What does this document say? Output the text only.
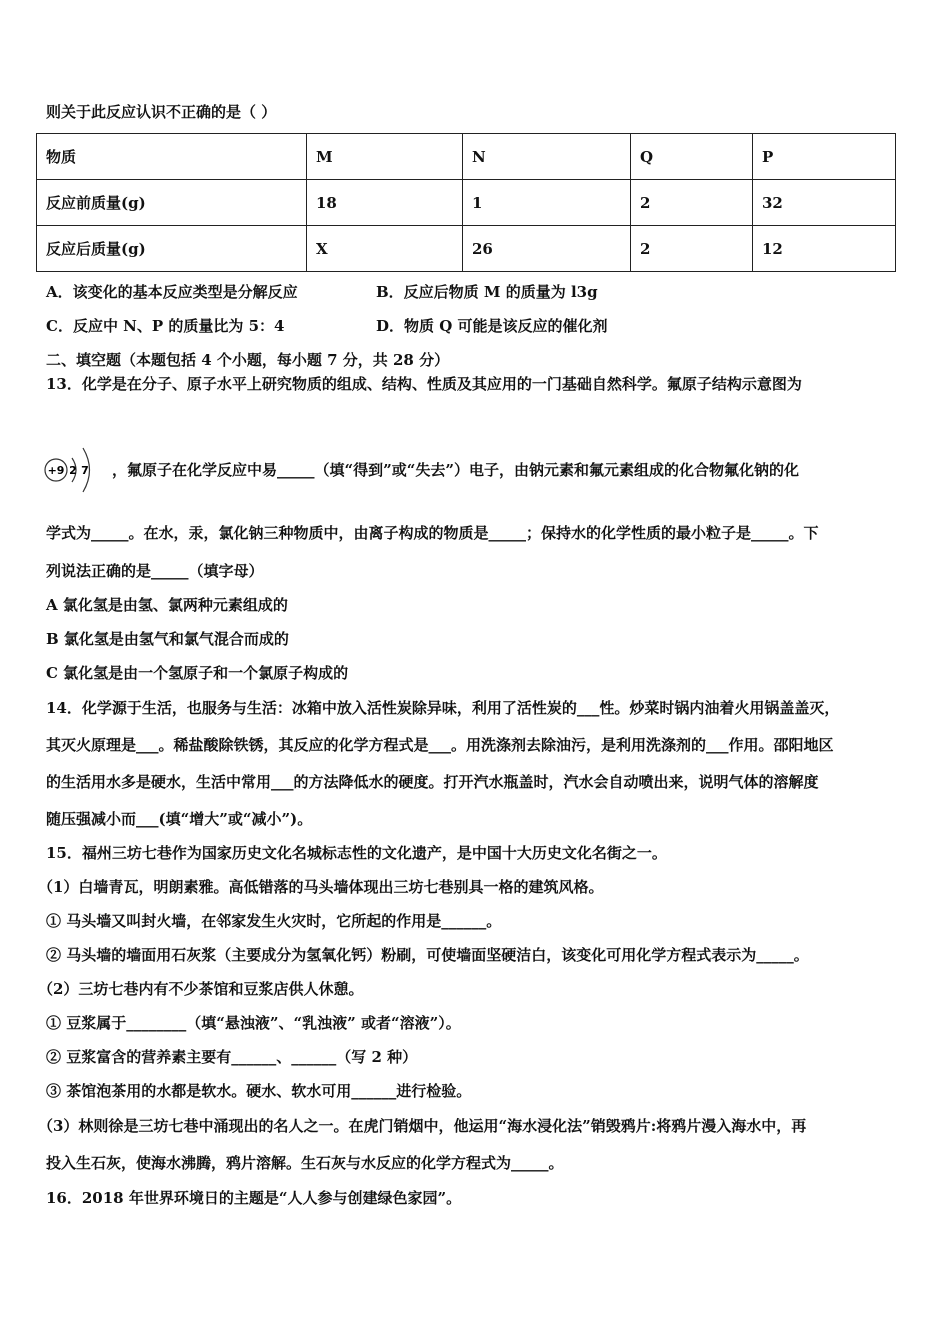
则关于此反应认识不正确的是（ ）
物质	M	N	Q	P
反应前质量(g)	18	1	2	32
反应后质量(g)	X	26	2	12
A．该变化的基本反应类型是分解反应	B．反应后物质 M 的质量为 l3g
C．反应中 N、P 的质量比为 5：4	D．物质 Q 可能是该反应的催化剂
二、填空题（本题包括 4 个小题，每小题 7 分，共 28 分）
13．化学是在分子、原子水平上研究物质的组成、结构、性质及其应用的一门基础自然科学。氟原子结构示意图为
+9 2 7 ，氟原子在化学反应中易_____（填“得到”或“失去”）电子，由钠元素和氟元素组成的化合物氟化钠的化
学式为_____。在水，汞，氯化钠三种物质中，由离子构成的物质是_____；保持水的化学性质的最小粒子是_____。下
列说法正确的是_____（填字母）
A 氯化氢是由氢、氯两种元素组成的
B 氯化氢是由氢气和氯气混合而成的
C 氯化氢是由一个氢原子和一个氯原子构成的
14．化学源于生活，也服务与生活：冰箱中放入活性炭除异味，利用了活性炭的___性。炒菜时锅内油着火用锅盖盖灭，
其灭火原理是___。稀盐酸除铁锈，其反应的化学方程式是___。用洗涤剂去除油污，是利用洗涤剂的___作用。邵阳地区
的生活用水多是硬水，生活中常用___的方法降低水的硬度。打开汽水瓶盖时，汽水会自动喷出来，说明气体的溶解度
随压强减小而___(填“增大”或“减小”)。
15．福州三坊七巷作为国家历史文化名城标志性的文化遗产，是中国十大历史文化名街之一。
（1）白墙青瓦，明朗素雅。高低错落的马头墙体现出三坊七巷别具一格的建筑风格。
① 马头墙又叫封火墙，在邻家发生火灾时，它所起的作用是______。
② 马头墙的墙面用石灰浆（主要成分为氢氧化钙）粉刷，可使墙面坚硬洁白，该变化可用化学方程式表示为_____。
（2）三坊七巷内有不少茶馆和豆浆店供人休憩。
① 豆浆属于________（填“悬浊液”、“乳浊液” 或者“溶液”）。
② 豆浆富含的营养素主要有______、______（写 2 种）
③ 茶馆泡茶用的水都是软水。硬水、软水可用______进行检验。
（3）林则徐是三坊七巷中涌现出的名人之一。在虎门销烟中，他运用“海水浸化法”销毁鸦片:将鸦片漫入海水中，再
投入生石灰，使海水沸腾，鸦片溶解。生石灰与水反应的化学方程式为_____。
16．2018 年世界环境日的主题是“人人参与创建绿色家园”。
